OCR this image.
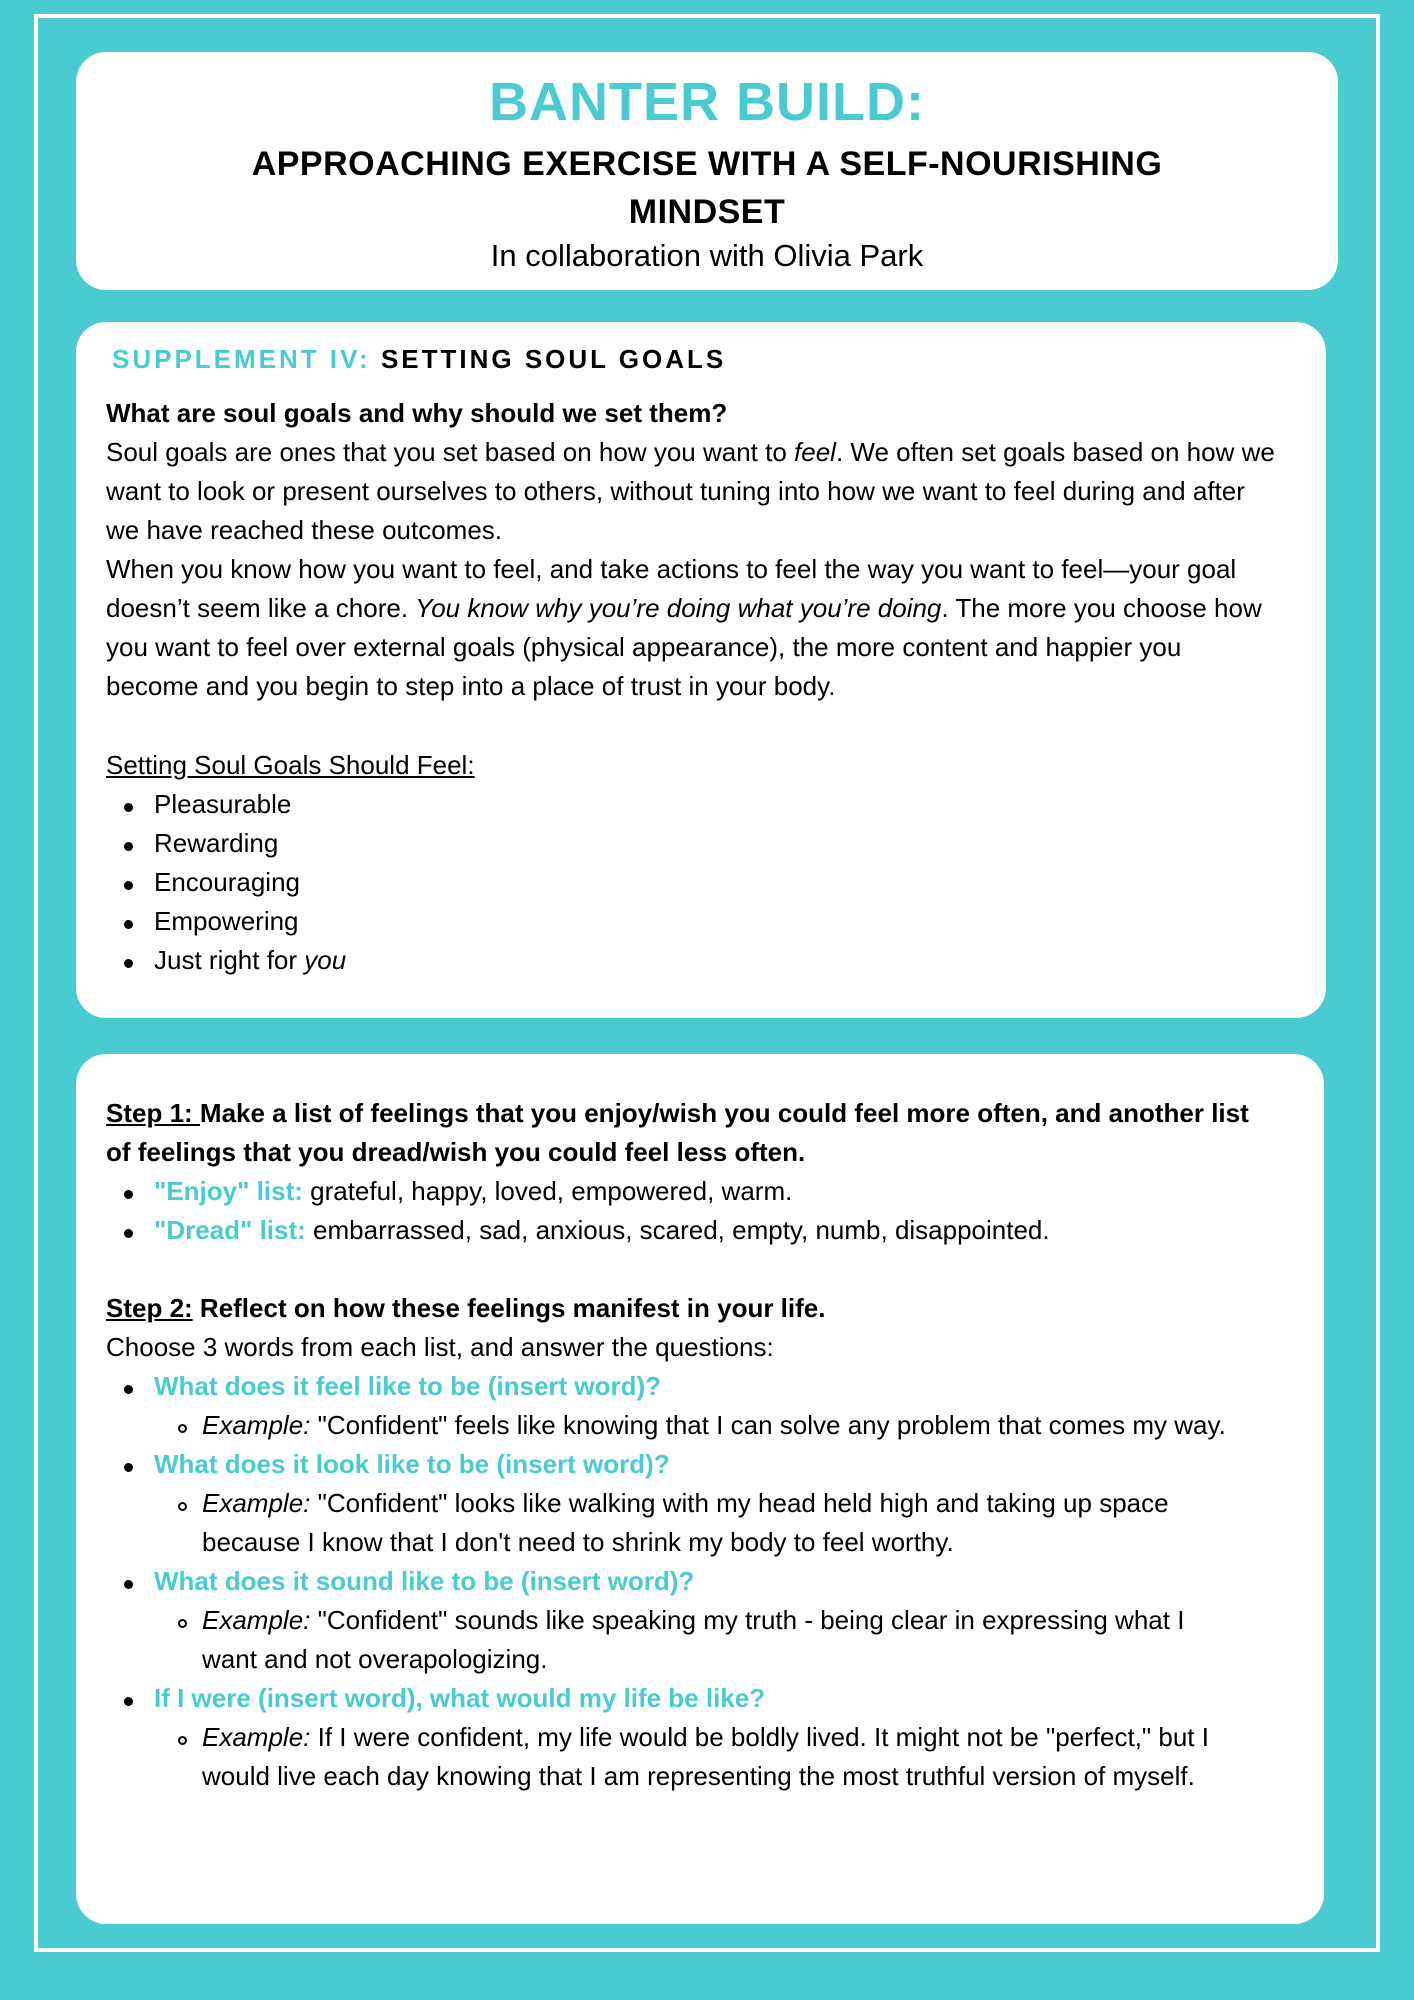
BANTER BUILD:
APPROACHING EXERCISE WITH A SELF-NOURISHING
MINDSET
In collaboration with Olivia Park
SUPPLEMENT IV: SETTING SOUL GOALS
What are soul goals and why should we set them?
Soul goals are ones that you set based on how you want to feel. We often set goals based on how we
want to look or present ourselves to others, without tuning into how we want to feel during and after
we have reached these outcomes.
When you know how you want to feel, and take actions to feel the way you want to feel—your goal
doesn’t seem like a chore. You know why you’re doing what you’re doing. The more you choose how
you want to feel over external goals (physical appearance), the more content and happier you
become and you begin to step into a place of trust in your body.
Setting Soul Goals Should Feel:
Pleasurable
Rewarding
Encouraging
Empowering
Just right for you
Step 1: Make a list of feelings that you enjoy/wish you could feel more often, and another list
of feelings that you dread/wish you could feel less often.
"Enjoy" list: grateful, happy, loved, empowered, warm.
"Dread" list: embarrassed, sad, anxious, scared, empty, numb, disappointed.
Step 2: Reflect on how these feelings manifest in your life.
Choose 3 words from each list, and answer the questions:
What does it feel like to be (insert word)?
Example: "Confident" feels like knowing that I can solve any problem that comes my way.
What does it look like to be (insert word)?
Example: "Confident" looks like walking with my head held high and taking up space
because I know that I don't need to shrink my body to feel worthy.
What does it sound like to be (insert word)?
Example: "Confident" sounds like speaking my truth - being clear in expressing what I
want and not overapologizing.
If I were (insert word), what would my life be like?
Example: If I were confident, my life would be boldly lived. It might not be "perfect," but I
would live each day knowing that I am representing the most truthful version of myself.
